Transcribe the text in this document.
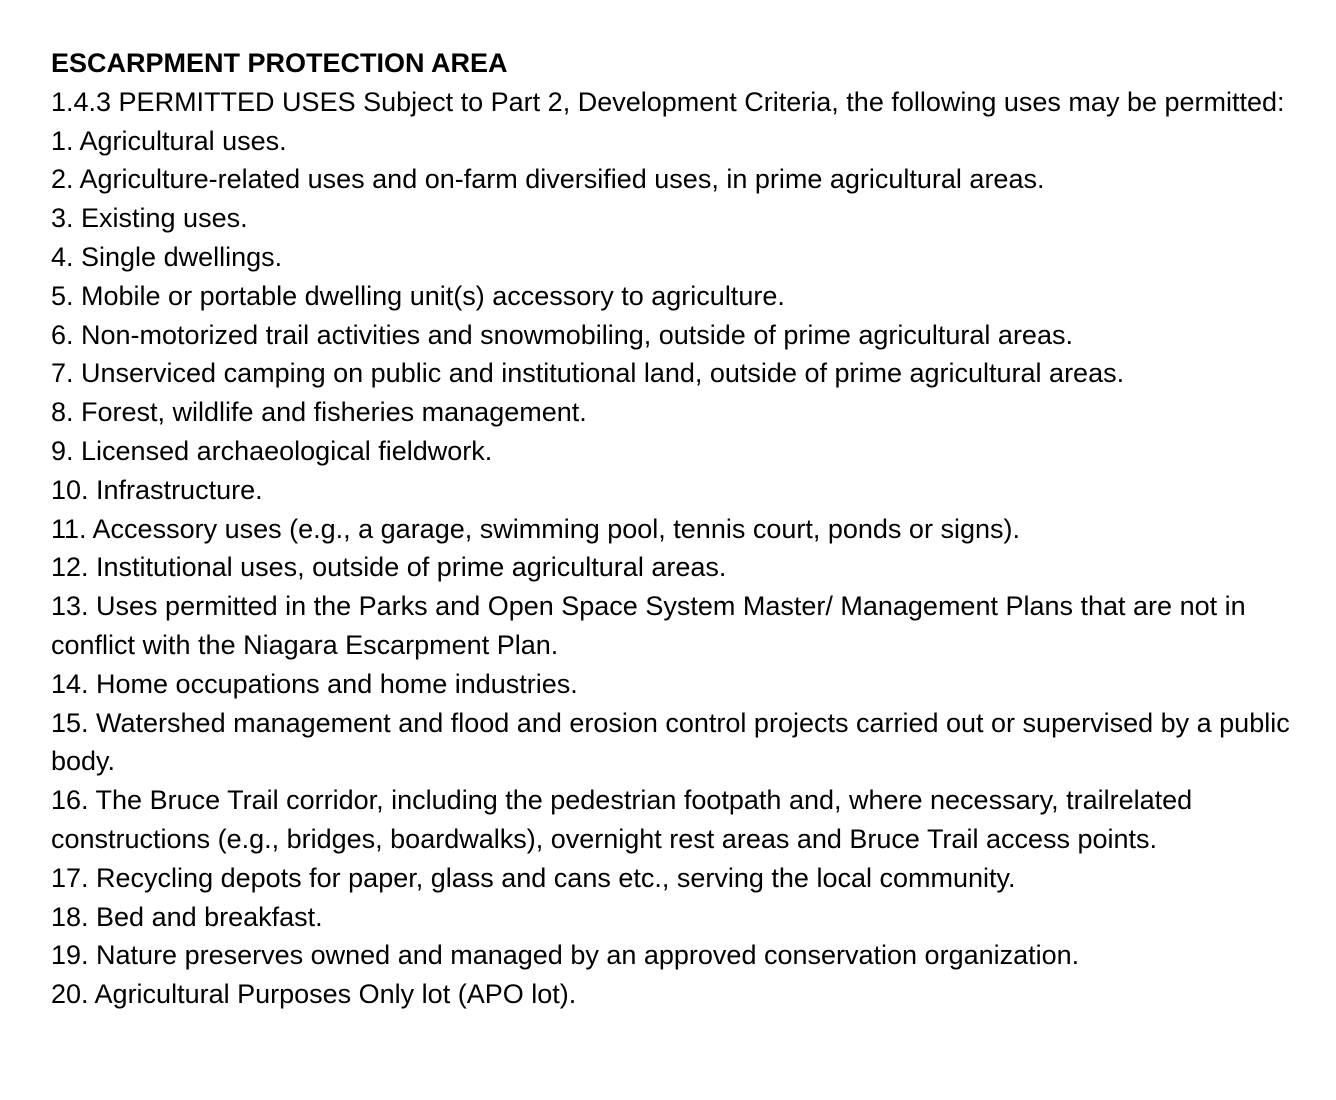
ESCARPMENT PROTECTION AREA

1.4.3 PERMITTED USES Subject to Part 2, Development Criteria, the following uses may be permitted:

1. Agricultural uses.
2. Agriculture-related uses and on-farm diversified uses, in prime agricultural areas.
3. Existing uses.
4. Single dwellings.
5. Mobile or portable dwelling unit(s) accessory to agriculture.
6. Non-motorized trail activities and snowmobiling, outside of prime agricultural areas.
7. Unserviced camping on public and institutional land, outside of prime agricultural areas.
8. Forest, wildlife and fisheries management.
9. Licensed archaeological fieldwork.
10. Infrastructure.
11. Accessory uses (e.g., a garage, swimming pool, tennis court, ponds or signs).
12. Institutional uses, outside of prime agricultural areas.
13. Uses permitted in the Parks and Open Space System Master/ Management Plans that are not in conflict with the Niagara Escarpment Plan.
14. Home occupations and home industries.
15. Watershed management and flood and erosion control projects carried out or supervised by a public body.
16. The Bruce Trail corridor, including the pedestrian footpath and, where necessary, trailrelated constructions (e.g., bridges, boardwalks), overnight rest areas and Bruce Trail access points.
17. Recycling depots for paper, glass and cans etc., serving the local community.
18. Bed and breakfast.
19. Nature preserves owned and managed by an approved conservation organization.
20. Agricultural Purposes Only lot (APO lot).
